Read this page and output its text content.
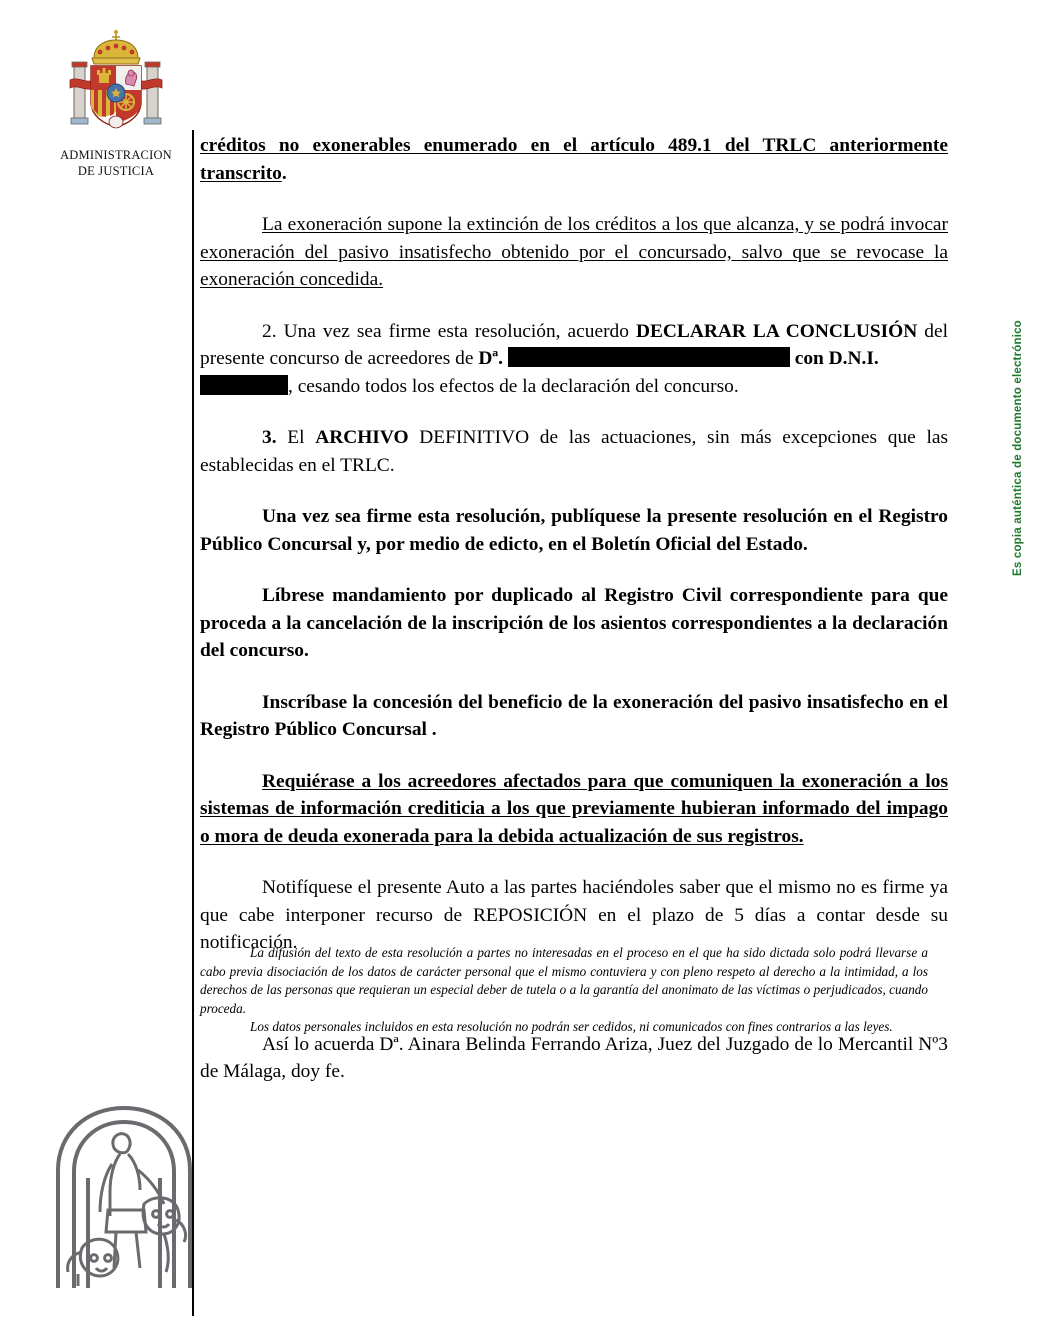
ADMINISTRACION
DE JUSTICIA
Es copia auténtica de documento electrónico

créditos no exonerables enumerado en el artículo 489.1 del TRLC anteriormente transcrito.

La exoneración supone la extinción de los créditos a los que alcanza, y se podrá invocar exoneración del pasivo insatisfecho obtenido por el concursado, salvo que se revocase la exoneración concedida.

2. Una vez sea firme esta resolución, acuerdo DECLARAR LA CONCLUSIÓN del presente concurso de acreedores de Dª.	con D.N.I.
, cesando todos los efectos de la declaración del concurso.

3. El ARCHIVO DEFINITIVO de las actuaciones, sin más excepciones que las establecidas en el TRLC.

Una vez sea firme esta resolución, publíquese la presente resolución en el Registro Público Concursal y, por medio de edicto, en el Boletín Oficial del Estado.

Líbrese mandamiento por duplicado al Registro Civil correspondiente para que proceda a la cancelación de la inscripción de los asientos correspondientes a la declaración del concurso.

Inscríbase la concesión del beneficio de la exoneración del pasivo insatisfecho en el Registro Público Concursal .

Requiérase a los acreedores afectados para que comuniquen la exoneración a los sistemas de información crediticia a los que previamente hubieran informado del impago o mora de deuda exonerada para la debida actualización de sus registros.

Notifíquese el presente Auto a las partes haciéndoles saber que el mismo no es firme ya que cabe interponer recurso de REPOSICIÓN en el plazo de 5 días a contar desde su notificación.

Así lo acuerda Dª. Ainara Belinda Ferrando Ariza, Juez del Juzgado de lo Mercantil Nº3 de Málaga, doy fe.

La difusión del texto de esta resolución a partes no interesadas en el proceso en el que ha sido dictada solo podrá llevarse a cabo previa disociación de los datos de carácter personal que el mismo contuviera y con pleno respeto al derecho a la intimidad, a los derechos de las personas que requieran un especial deber de tutela o a la garantía del anonimato de las víctimas o perjudicados, cuando proceda.

Los datos personales incluidos en esta resolución no podrán ser cedidos, ni comunicados con fines contrarios a las leyes.
